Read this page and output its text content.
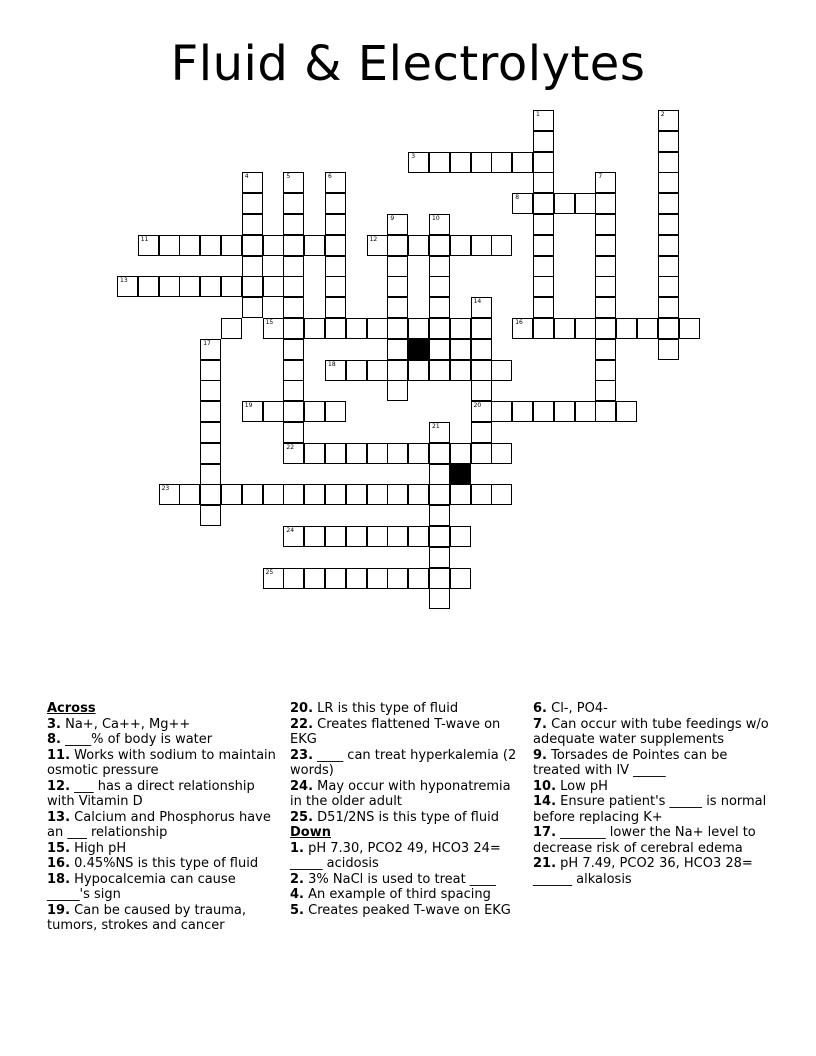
Fluid & Electrolytes
1	2
3
4	5
22
6	7
8
9	10
11	12
13
14
20
15	16
17
18
19
21
23
24
25
Across
3. Na+, Ca++, Mg++
8. ____% of body is water
11. Works with sodium to maintain osmotic pressure
12. ___ has a direct relationship with Vitamin D
13. Calcium and Phosphorus have an ___ relationship
15. High pH
16. 0.45%NS is this type of fluid
18. Hypocalcemia can cause _____'s sign
19. Can be caused by trauma, tumors, strokes and cancer
20. LR is this type of fluid
22. Creates flattened T-wave on EKG
23. ____ can treat hyperkalemia (2 words)
24. May occur with hyponatremia in the older adult
25. D51/2NS is this type of fluid
Down
1. pH 7.30, PCO2 49, HCO3 24= _____ acidosis
2. 3% NaCl is used to treat ____
4. An example of third spacing
5. Creates peaked T-wave on EKG
6. Cl-, PO4-
7. Can occur with tube feedings w/o adequate water supplements
9. Torsades de Pointes can be treated with IV _____
10. Low pH
14. Ensure patient's _____ is normal before replacing K+
17. _______ lower the Na+ level to decrease risk of cerebral edema
21. pH 7.49, PCO2 36, HCO3 28= ______ alkalosis
